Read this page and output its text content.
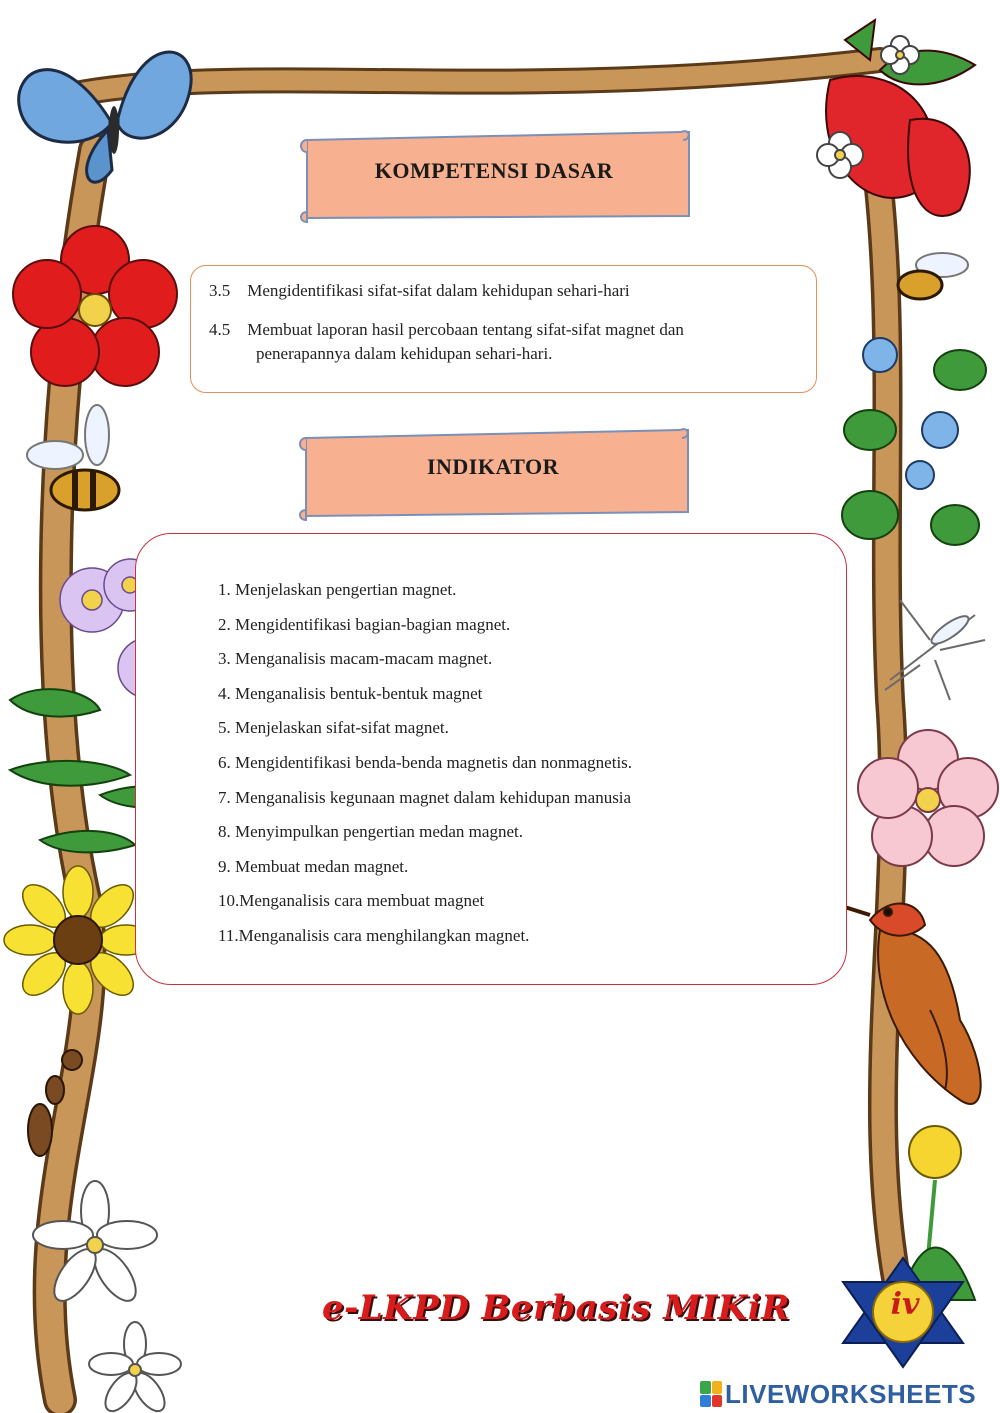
KOMPETENSI DASAR
3.5 Mengidentifikasi sifat-sifat dalam kehidupan sehari-hari
4.5 Membuat laporan hasil percobaan tentang sifat-sifat magnet dan
penerapannya dalam kehidupan sehari-hari.
INDIKATOR
1. Menjelaskan pengertian magnet.
2. Mengidentifikasi bagian-bagian magnet.
3. Menganalisis macam-macam magnet.
4. Menganalisis bentuk-bentuk magnet
5. Menjelaskan sifat-sifat magnet.
6. Mengidentifikasi benda-benda magnetis dan nonmagnetis.
7. Menganalisis kegunaan magnet dalam kehidupan manusia
8. Menyimpulkan pengertian medan magnet.
9. Membuat medan magnet.
10.Menganalisis cara membuat magnet
11.Menganalisis cara menghilangkan magnet.
e-LKPD Berbasis MIKiR	iv
LIVEWORKSHEETS
